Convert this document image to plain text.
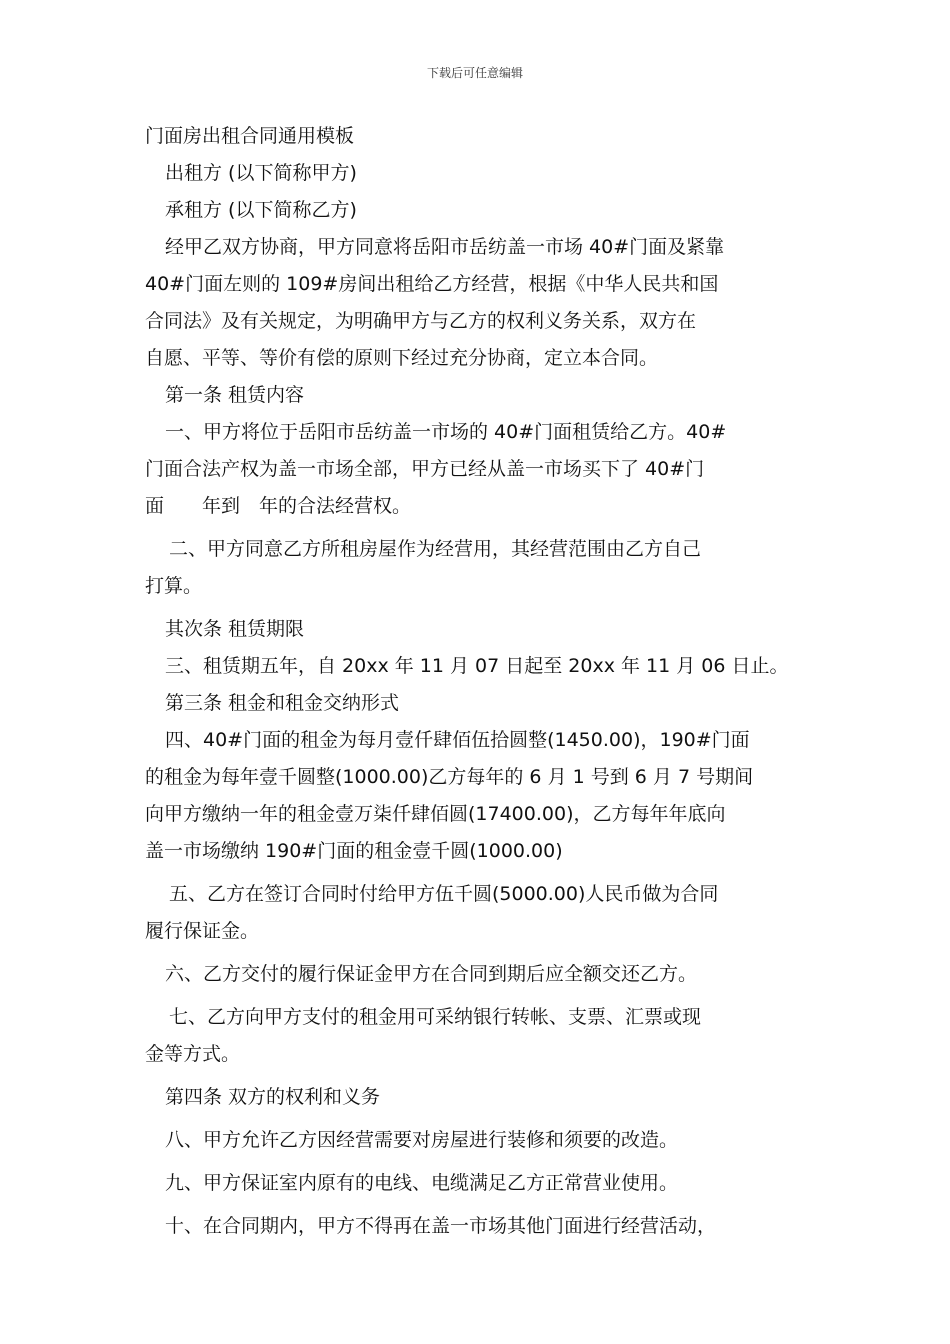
下载后可任意编辑
门面房出租合同通用模板
出租方 (以下简称甲方)
承租方 (以下简称乙方)
经甲乙双方协商，甲方同意将岳阳市岳纺盖一市场 40#门面及紧靠
40#门面左则的 109#房间出租给乙方经营，根据《中华人民共和国
合同法》及有关规定，为明确甲方与乙方的权利义务关系，双方在
自愿、平等、等价有偿的原则下经过充分协商，定立本合同。
第一条 租赁内容
一、甲方将位于岳阳市岳纺盖一市场的 40#门面租赁给乙方。40#
门面合法产权为盖一市场全部，甲方已经从盖一市场买下了 40#门
面　　年到　年的合法经营权。
二、甲方同意乙方所租房屋作为经营用，其经营范围由乙方自己
打算。
其次条 租赁期限
三、租赁期五年，自 20xx 年 11 月 07 日起至 20xx 年 11 月 06 日止。
第三条 租金和租金交纳形式
四、40#门面的租金为每月壹仟肆佰伍拾圆整(1450.00)，190#门面
的租金为每年壹千圆整(1000.00)乙方每年的 6 月 1 号到 6 月 7 号期间
向甲方缴纳一年的租金壹万柒仟肆佰圆(17400.00)，乙方每年年底向
盖一市场缴纳 190#门面的租金壹千圆(1000.00)
五、乙方在签订合同时付给甲方伍千圆(5000.00)人民币做为合同
履行保证金。
六、乙方交付的履行保证金甲方在合同到期后应全额交还乙方。
七、乙方向甲方支付的租金用可采纳银行转帐、支票、汇票或现
金等方式。
第四条 双方的权利和义务
八、甲方允许乙方因经营需要对房屋进行装修和须要的改造。
九、甲方保证室内原有的电线、电缆满足乙方正常营业使用。
十、在合同期内，甲方不得再在盖一市场其他门面进行经营活动，
